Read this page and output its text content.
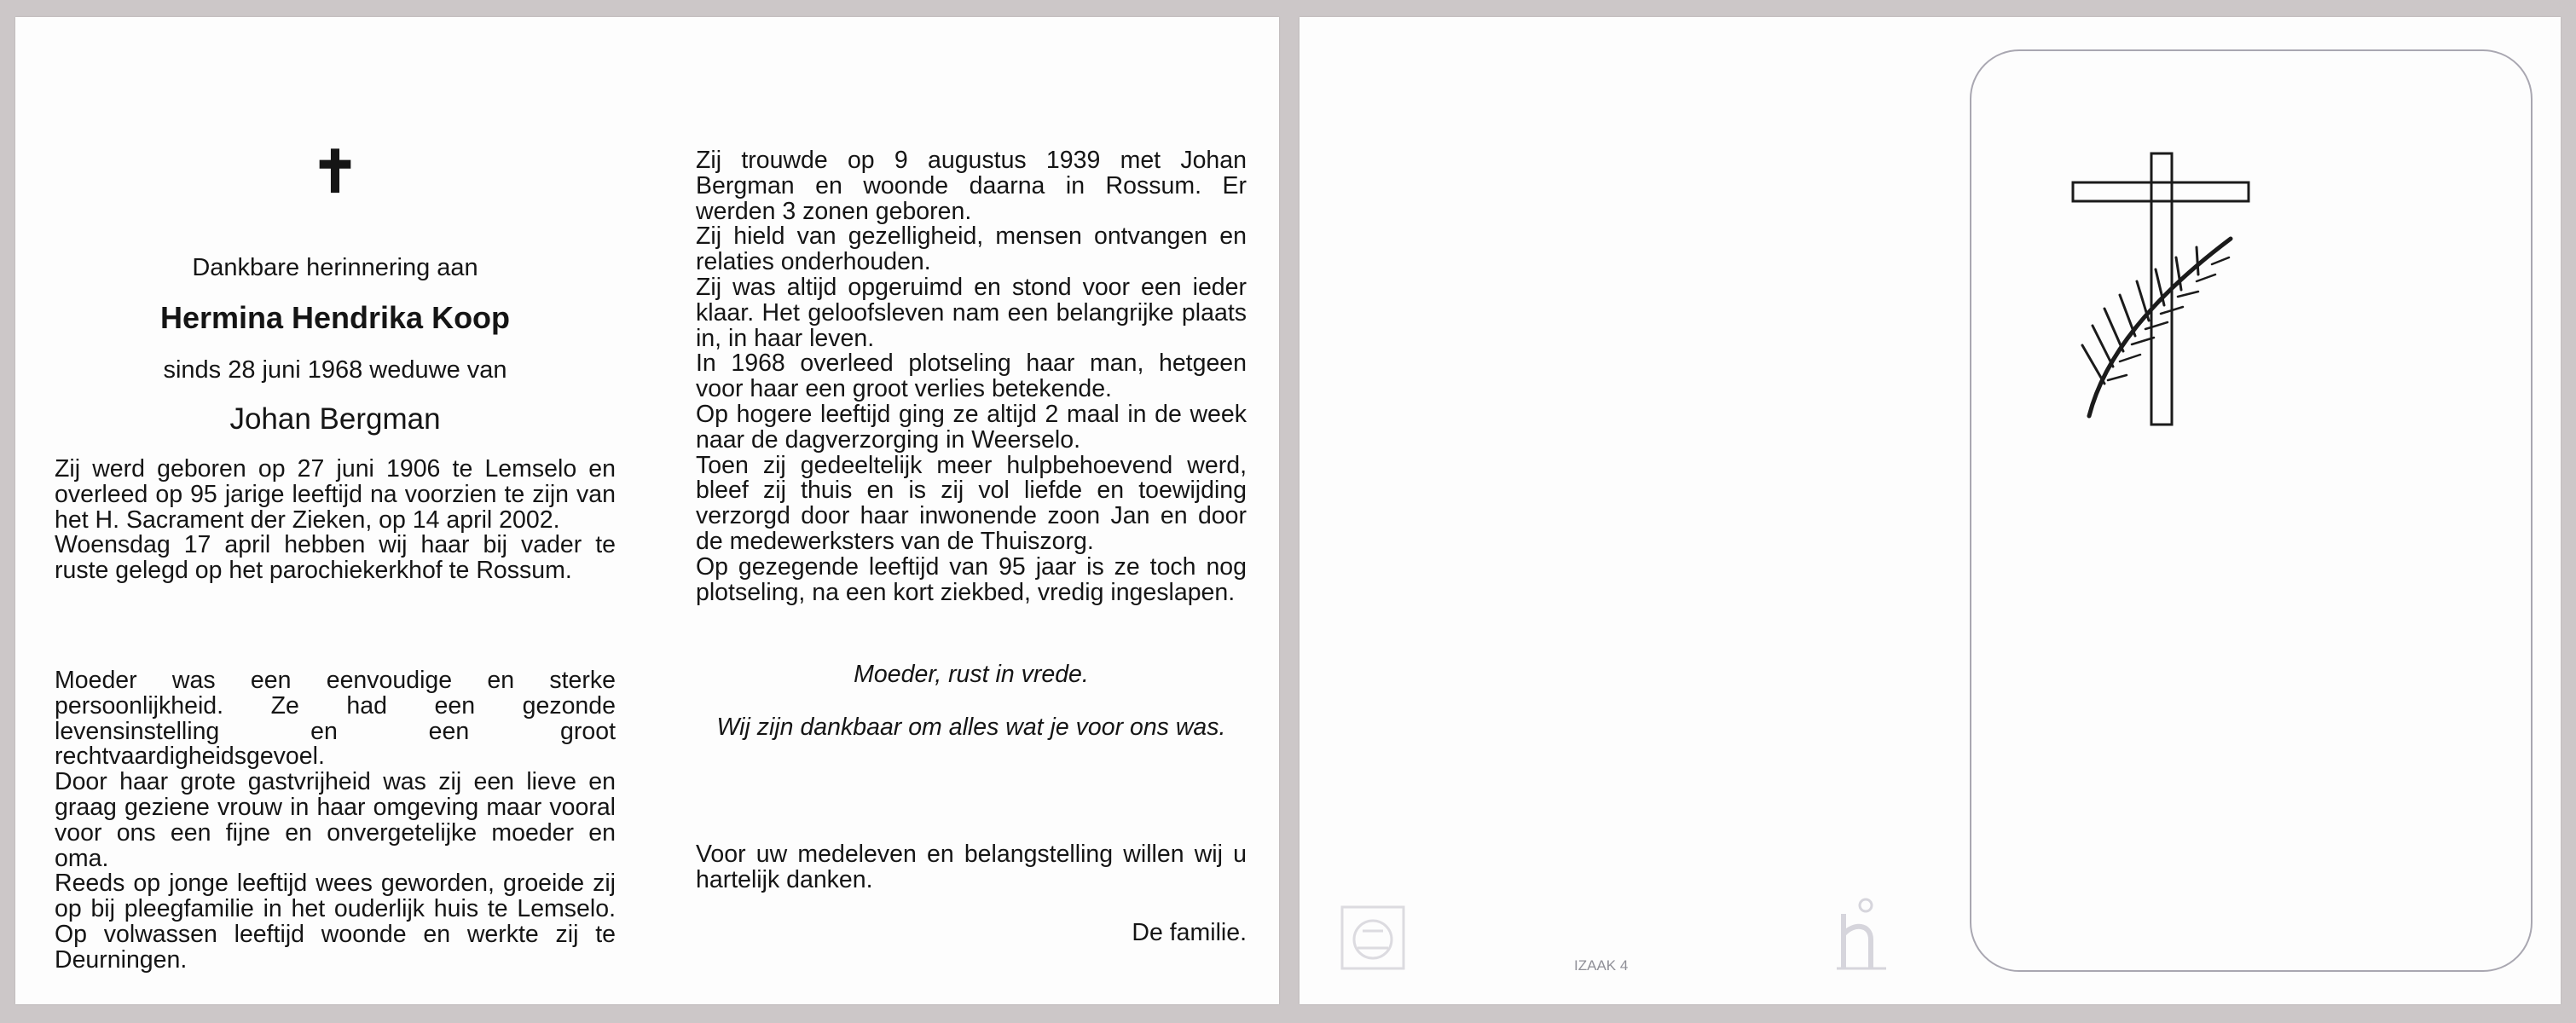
✝
Dankbare herinnering aan
Hermina Hendrika Koop
sinds 28 juni 1968 weduwe van
Johan Bergman

Zij werd geboren op 27 juni 1906 te Lemselo en overleed op 95 jarige leeftijd na voorzien te zijn van het H. Sacrament der Zieken, op 14 april 2002.

Woensdag 17 april hebben wij haar bij vader te ruste gelegd op het parochiekerkhof te Rossum.

Moeder was een eenvoudige en sterke persoonlijkheid. Ze had een gezonde levensinstelling en een groot rechtvaardigheidsgevoel.

Door haar grote gastvrijheid was zij een lieve en graag geziene vrouw in haar omgeving maar vooral voor ons een fijne en onvergetelijke moeder en oma.

Reeds op jonge leeftijd wees geworden, groeide zij op bij pleegfamilie in het ouderlijk huis te Lemselo. Op volwassen leeftijd woonde en werkte zij te Deurningen.

Zij trouwde op 9 augustus 1939 met Johan Bergman en woonde daarna in Rossum. Er werden 3 zonen geboren.

Zij hield van gezelligheid, mensen ontvangen en relaties onderhouden.

Zij was altijd opgeruimd en stond voor een ieder klaar. Het geloofsleven nam een belangrijke plaats in, in haar leven.

In 1968 overleed plotseling haar man, hetgeen voor haar een groot verlies betekende.

Op hogere leeftijd ging ze altijd 2 maal in de week naar de dagverzorging in Weerselo.

Toen zij gedeeltelijk meer hulpbehoevend werd, bleef zij thuis en is zij vol liefde en toewijding verzorgd door haar inwonende zoon Jan en door de medewerksters van de Thuiszorg.

Op gezegende leeftijd van 95 jaar is ze toch nog plotseling, na een kort ziekbed, vredig ingeslapen.

Moeder, rust in vrede.
Wij zijn dankbaar om alles wat je voor ons was.
Voor uw medeleven en belangstelling willen wij u hartelijk danken.
De familie.
IZAAK 4
